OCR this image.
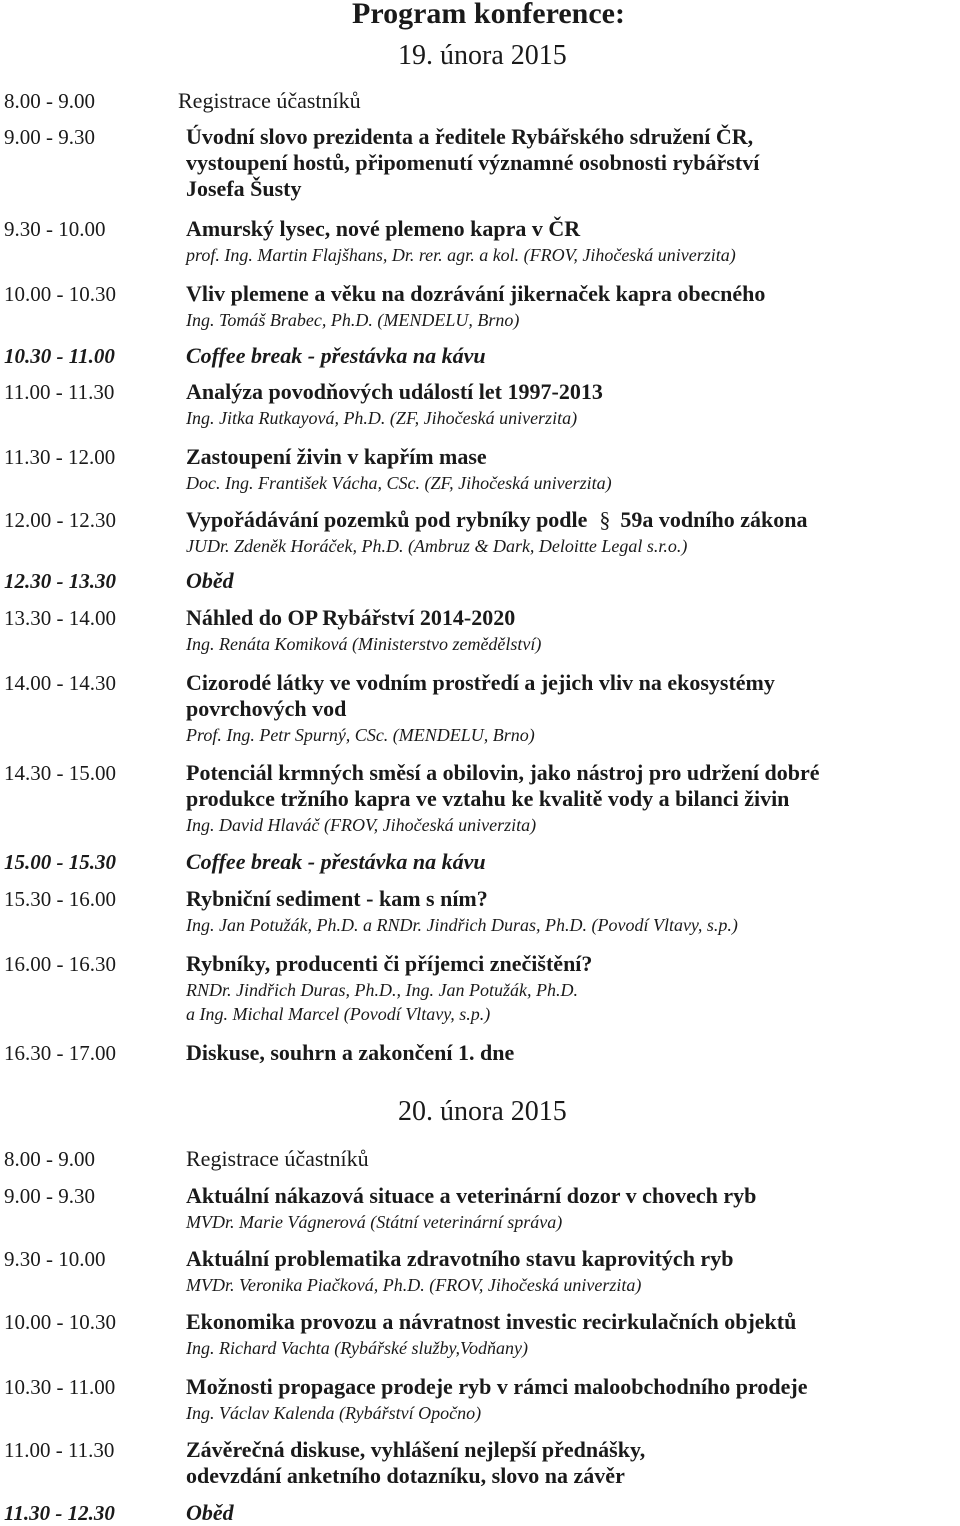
Program konference:
19. února 2015
20. února 2015
8.00 - 9.00	Registrace účastníků
9.00 - 9.30	Úvodní slovo prezidenta a ředitele Rybářského sdružení ČR,
vystoupení hostů, připomenutí významné osobnosti rybářství
Josefa Šusty
9.30 - 10.00	Amurský lysec, nové plemeno kapra v ČR
prof. Ing. Martin Flajšhans, Dr. rer. agr. a kol. (FROV, Jihočeská univerzita)
10.00 - 10.30	Vliv plemene a věku na dozrávání jikernaček kapra obecného
Ing. Tomáš Brabec, Ph.D. (MENDELU, Brno)
10.30 - 11.00	Coffee break - přestávka na kávu
11.00 - 11.30	Analýza povodňových událostí let 1997-2013
Ing. Jitka Rutkayová, Ph.D. (ZF, Jihočeská univerzita)
11.30 - 12.00	Zastoupení živin v kapřím mase
Doc. Ing. František Vácha, CSc. (ZF, Jihočeská univerzita)
12.00 - 12.30	Vypořádávání pozemků pod rybníky podle § 59a vodního zákona
JUDr. Zdeněk Horáček, Ph.D. (Ambruz & Dark, Deloitte Legal s.r.o.)
12.30 - 13.30	Oběd
13.30 - 14.00	Náhled do OP Rybářství 2014-2020
Ing. Renáta Komiková (Ministerstvo zemědělství)
14.00 - 14.30	Cizorodé látky ve vodním prostředí a jejich vliv na ekosystémy
povrchových vod
Prof. Ing. Petr Spurný, CSc. (MENDELU, Brno)
14.30 - 15.00	Potenciál krmných směsí a obilovin, jako nástroj pro udržení dobré
produkce tržního kapra ve vztahu ke kvalitě vody a bilanci živin
Ing. David Hlaváč (FROV, Jihočeská univerzita)
15.00 - 15.30	Coffee break - přestávka na kávu
15.30 - 16.00	Rybniční sediment - kam s ním?
Ing. Jan Potužák, Ph.D. a RNDr. Jindřich Duras, Ph.D. (Povodí Vltavy, s.p.)
16.00 - 16.30	Rybníky, producenti či příjemci znečištění?
RNDr. Jindřich Duras, Ph.D., Ing. Jan Potužák, Ph.D.
a Ing. Michal Marcel (Povodí Vltavy, s.p.)
16.30 - 17.00	Diskuse, souhrn a zakončení 1. dne
8.00 - 9.00	Registrace účastníků
9.00 - 9.30	Aktuální nákazová situace a veterinární dozor v chovech ryb
MVDr. Marie Vágnerová (Státní veterinární správa)
9.30 - 10.00	Aktuální problematika zdravotního stavu kaprovitých ryb
MVDr. Veronika Piačková, Ph.D. (FROV, Jihočeská univerzita)
10.00 - 10.30	Ekonomika provozu a návratnost investic recirkulačních objektů
Ing. Richard Vachta (Rybářské služby,Vodňany)
10.30 - 11.00	Možnosti propagace prodeje ryb v rámci maloobchodního prodeje
Ing. Václav Kalenda (Rybářství Opočno)
11.00 - 11.30	Závěrečná diskuse, vyhlášení nejlepší přednášky,
odevzdání anketního dotazníku, slovo na závěr
11.30 - 12.30	Oběd
